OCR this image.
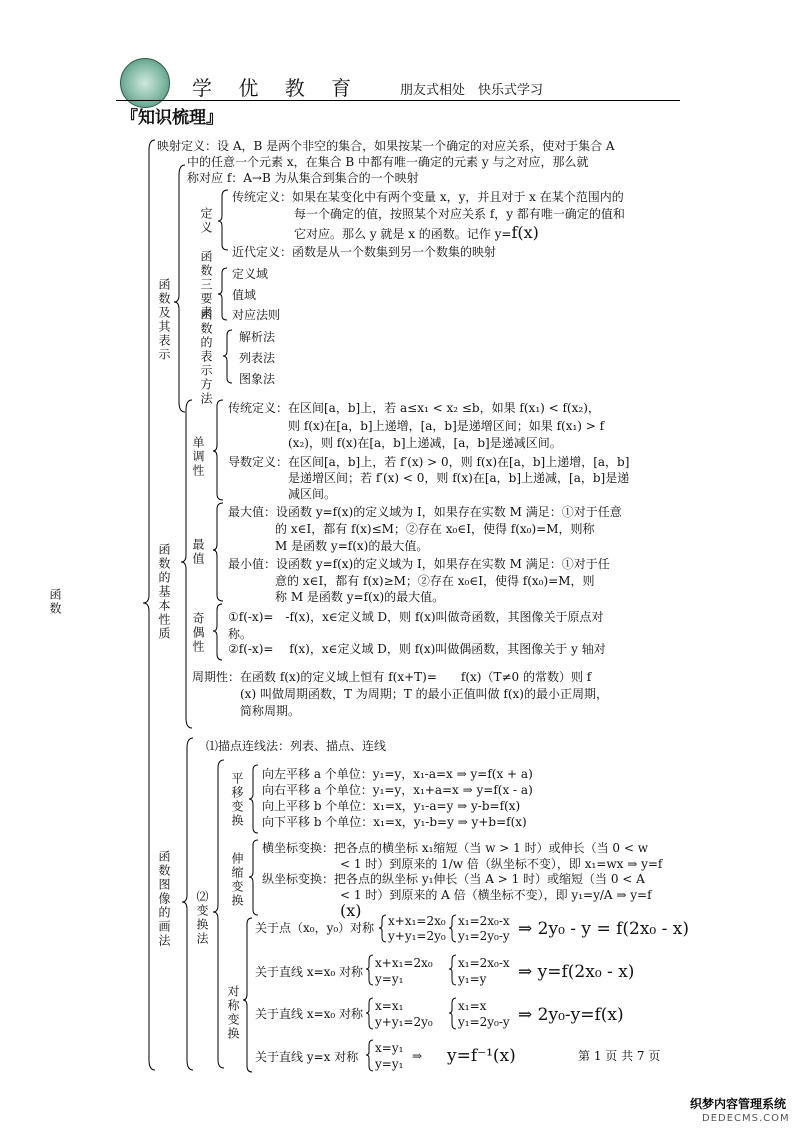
学 优 教 育	朋友式相处　快乐式学习
『知识梳理』
函数
函数及其表示
定义
函数三要素
函数的表示方法
函数的基本性质
单调性
最值
奇偶性
函数图像的画法 ⑵变换法
平移变换
伸缩变换
对称变换
映射定义：设 A，B 是两个非空的集合，如果按某一个确定的对应关系，使对于集合 A
中的任意一个元素 x，在集合 B 中都有唯一确定的元素 y 与之对应，那么就
称对应 f：A→B 为从集合到集合的一个映射
传统定义：如果在某变化中有两个变量 x，y，并且对于 x 在某个范围内的
每一个确定的值，按照某个对应关系 f，y 都有唯一确定的值和
它对应。那么 y 就是 x 的函数。记作 y=f(x)
近代定义：函数是从一个数集到另一个数集的映射
定义域
值域
对应法则
解析法
列表法
图象法
传统定义：在区间[a，b]上，若 a≤x₁ < x₂ ≤b，如果 f(x₁) < f(x₂)，
则 f(x)在[a，b]上递增，[a，b]是递增区间；如果 f(x₁) > f
(x₂)，则 f(x)在[a，b]上递减，[a，b]是递减区间。
导数定义：在区间[a，b]上，若 f′(x) > 0，则 f(x)在[a，b]上递增，[a，b]
是递增区间；若 f′(x) < 0，则 f(x)在[a，b]上递减，[a，b]是递
减区间。
最大值：设函数 y=f(x)的定义域为 I，如果存在实数 M 满足：①对于任意
的 x∈I，都有 f(x)≤M；②存在 x₀∈I，使得 f(x₀)=M，则称
M 是函数 y=f(x)的最大值。
最小值：设函数 y=f(x)的定义域为 I，如果存在实数 M 满足：①对于任
意的 x∈I，都有 f(x)≥M；②存在 x₀∈I，使得 f(x₀)=M，则
称 M 是函数 y=f(x)的最大值。
①f(-x)=　-f(x)，x∈定义域 D，则 f(x)叫做奇函数，其图像关于原点对
称。
②f(-x)=　 f(x)，x∈定义域 D，则 f(x)叫做偶函数，其图像关于 y 轴对
周期性：在函数 f(x)的定义域上恒有 f(x+T)=　　f(x)（T≠0 的常数）则 f
(x) 叫做周期函数，T 为周期；T 的最小正值叫做 f(x)的最小正周期，
简称周期。
⑴描点连线法：列表、描点、连线
向左平移 a 个单位：y₁=y，x₁-a=x ⇒ y=f(x + a)
向右平移 a 个单位：y₁=y，x₁+a=x ⇒ y=f(x - a)
向上平移 b 个单位：x₁=x，y₁-a=y ⇒ y-b=f(x)
向下平移 b 个单位：x₁=x，y₁-b=y ⇒ y+b=f(x)
横坐标变换：把各点的横坐标 x₁缩短（当 w > 1 时）或伸长（当 0 < w
< 1 时）到原来的 1/w 倍（纵坐标不变），即 x₁=wx ⇒ y=f
纵坐标变换：把各点的纵坐标 y₁伸长（当 A > 1 时）或缩短（当 0 < A
< 1 时）到原来的 A 倍（横坐标不变），即 y₁=y/A ⇒ y=f
(x)
关于点（x₀，y₀）对称 x+x₁=2x₀
y+y₁=2y₀
x₁=2x₀-x
y₁=2y₀-y ⇒ 2y₀ - y = f(2x₀ - x)
关于直线 x=x₀ 对称
x+x₁=2x₀
y=y₁
x₁=2x₀-x
y₁=y ⇒ y=f(2x₀ - x)
关于直线 x=x₀ 对称
x=x₁
y+y₁=2y₀
x₁=x
y₁=2y₀-y ⇒ 2y₀-y=f(x)
关于直线 y=x 对称
x=y₁
y=y₁
⇒ y=f⁻¹(x)	第 1 页 共 7 页
织梦内容管理系统
DEDECMS.COM
